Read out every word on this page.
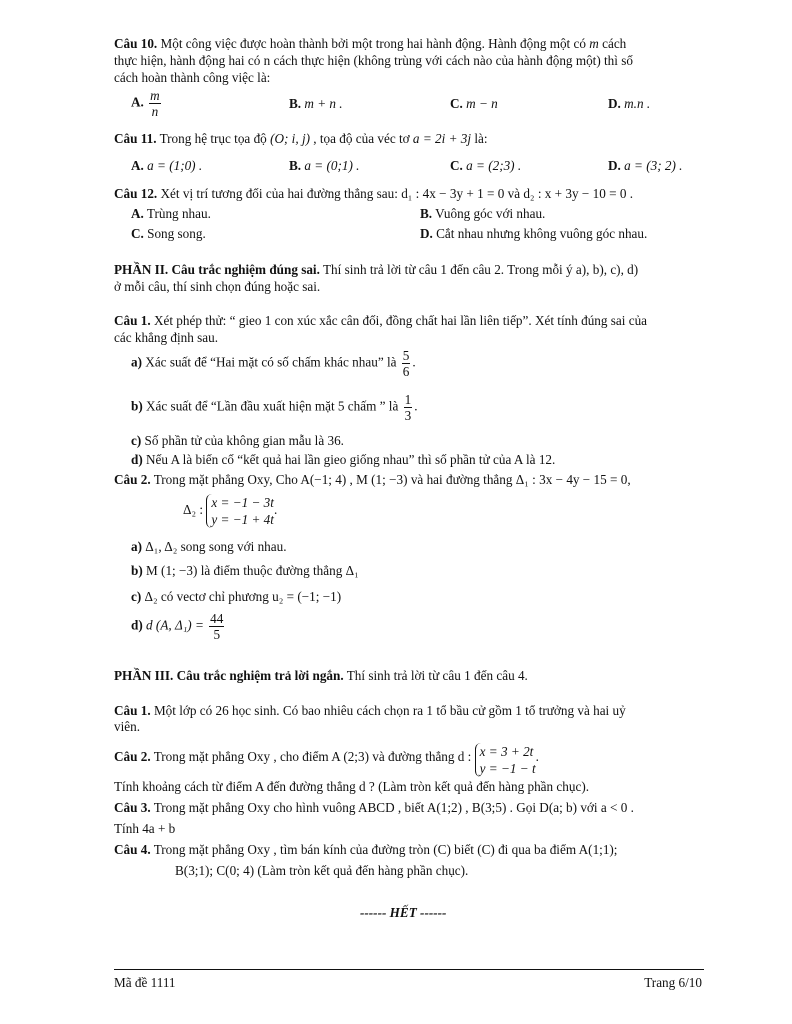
Câu 10. Một công việc được hoàn thành bởi một trong hai hành động. Hành động một có m cách
thực hiện, hành động hai có n cách thực hiện (không trùng với cách nào của hành động một) thì số
cách hoàn thành công việc là:
A. $\frac{m}{n}$	B. m + n .	C. m − n	D. m.n .
Câu 11. Trong hệ trục tọa độ (O; i, j) , tọa độ của véc tơ a = 2i + 3j là:
A. a = (1;0) .	B. a = (0;1) .	C. a = (2;3) .	D. a = (3; 2) .
Câu 12. Xét vị trí tương đối của hai đường thẳng sau: d₁ : 4x − 3y + 1 = 0 và d₂ : x + 3y − 10 = 0 .
A. Trùng nhau.	B. Vuông góc với nhau.
C. Song song.	D. Cắt nhau nhưng không vuông góc nhau.
PHẦN II. Câu trắc nghiệm đúng sai. Thí sinh trả lời từ câu 1 đến câu 2. Trong mỗi ý a), b), c), d)
ở mỗi câu, thí sinh chọn đúng hoặc sai.
Câu 1. Xét phép thử: “ gieo 1 con xúc xắc cân đối, đồng chất hai lần liên tiếp”. Xét tính đúng sai của
các khẳng định sau.
a) Xác suất để “Hai mặt có số chấm khác nhau” là $\frac{5}{6}$ .
b) Xác suất để “Lần đầu xuất hiện mặt 5 chấm ” là $\frac{1}{3}$ .
c) Số phần tử của không gian mẫu là 36.
d) Nếu A là biến cố “kết quả hai lần gieo giống nhau” thì số phần tử của A là 12.
Câu 2. Trong mặt phẳng Oxy, Cho A(−1; 4) , M (1; −3) và hai đường thẳng Δ₁ : 3x − 4y − 15 = 0,
Δ₂ : x = −1 − 3t
y = −1 + 4t
.
a) Δ₁, Δ₂ song song với nhau.
b) M (1; −3) là điểm thuộc đường thẳng Δ₁
c) Δ₂ có vectơ chỉ phương u₂ = (−1; −1)
d) d (A, $\Delta_1) = \frac{44}{5}$
PHẦN III. Câu trắc nghiệm trả lời ngắn. Thí sinh trả lời từ câu 1 đến câu 4.
Câu 1. Một lớp có 26 học sinh. Có bao nhiêu cách chọn ra 1 tổ bầu cử gồm 1 tổ trưởng và hai uỷ
viên.
Câu 2. Trong mặt phẳng Oxy , cho điểm A (2;3) và đường thẳng d : x = 3 + 2t
y = −1 − t
.
Tính khoảng cách từ điểm A đến đường thẳng d ? (Làm tròn kết quả đến hàng phần chục).
Câu 3. Trong mặt phẳng Oxy cho hình vuông ABCD , biết A(1;2) , B(3;5) . Gọi D(a; b) với a < 0 .
Tính 4a + b
Câu 4. Trong mặt phẳng Oxy , tìm bán kính của đường tròn (C) biết (C) đi qua ba điểm A(1;1);
B(3;1); C(0; 4) (Làm tròn kết quả đến hàng phần chục).
------ HẾT ------
Mã đề 1111	Trang 6/10
